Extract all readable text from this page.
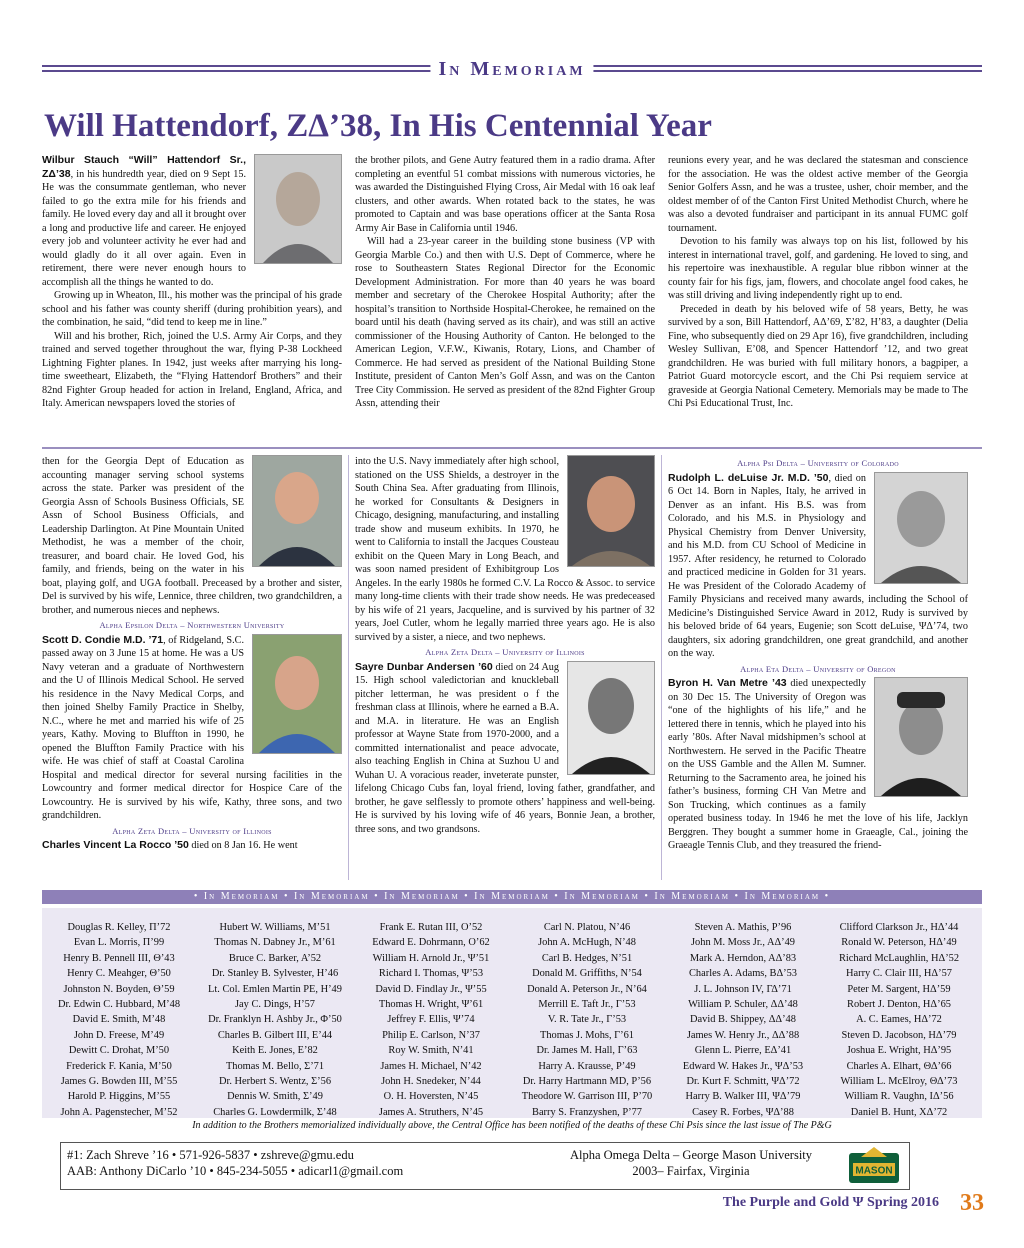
In Memoriam
Will Hattendorf, ZΔ’38, In His Centennial Year

Wilbur Stauch “Will” Hattendorf Sr., ZΔ’38, in his hundredth year, died on 9 Sept 15. He was the consummate gentleman, who never failed to go the extra mile for his friends and family. He loved every day and all it brought over a long and productive life and career. He enjoyed every job and volunteer activity he ever had and would gladly do it all over again. Even in retirement, there were never enough hours to accomplish all the things he wanted to do.

Growing up in Wheaton, Ill., his mother was the principal of his grade school and his father was county sheriff (during prohibition years), and the combination, he said, “did tend to keep me in line.”

Will and his brother, Rich, joined the U.S. Army Air Corps, and they trained and served together throughout the war, flying P-38 Lockheed Lightning Fighter planes. In 1942, just weeks after marrying his long-time sweetheart, Elizabeth, the “Flying Hattendorf Brothers” and their 82nd Fighter Group headed for action in Ireland, England, Africa, and Italy. American newspapers loved the stories of

the brother pilots, and Gene Autry featured them in a radio drama. After completing an eventful 51 combat missions with numerous victories, he was awarded the Distinguished Flying Cross, Air Medal with 16 oak leaf clusters, and other awards. When rotated back to the states, he was promoted to Captain and was base operations officer at the Santa Rosa Army Air Base in California until 1946.

Will had a 23-year career in the building stone business (VP with Georgia Marble Co.) and then with U.S. Dept of Commerce, where he rose to Southeastern States Regional Director for the Economic Development Administration. For more than 40 years he was board member and secretary of the Cherokee Hospital Authority; after the hospital’s transition to Northside Hospital-Cherokee, he remained on the board until his death (having served as its chair), and was still an active commissioner of the Housing Authority of Canton. He belonged to the American Legion, V.F.W., Kiwanis, Rotary, Lions, and Chamber of Commerce. He had served as president of the National Building Stone Institute, president of Canton Men’s Golf Assn, and was on the Canton Tree City Commission. He served as president of the 82nd Fighter Group Assn, attending their

reunions every year, and he was declared the statesman and conscience for the association. He was the oldest active member of the Georgia Senior Golfers Assn, and he was a trustee, usher, choir member, and the oldest member of of the Canton First United Methodist Church, where he was also a devoted fundraiser and participant in its annual FUMC golf tournament.

Devotion to his family was always top on his list, followed by his interest in international travel, golf, and gardening. He loved to sing, and his repertoire was inexhaustible. A regular blue ribbon winner at the county fair for his figs, jam, flowers, and chocolate angel food cakes, he was still driving and living independently right up to end.

Preceded in death by his beloved wife of 58 years, Betty, he was survived by a son, Bill Hattendorf, AΔ’69, Σ’82, H’83, a daughter (Delia Fine, who subsequently died on 29 Apr 16), five grandchildren, including Wesley Sullivan, E’08, and Spencer Hattendorf ’12, and two great grandchildren. He was buried with full military honors, a bagpiper, a Patriot Guard motorcycle escort, and the Chi Psi requiem service at graveside at Georgia National Cemetery. Memorials may be made to The Chi Psi Educational Trust, Inc.

then for the Georgia Dept of Education as accounting manager serving school systems across the state. Parker was president of the Georgia Assn of Schools Business Officials, SE Assn of School Business Officials, and Leadership Darlington. At Pine Mountain United Methodist, he was a member of the choir, treasurer, and board chair. He loved God, his family, and friends, being on the water in his boat, playing golf, and UGA football. Preceased by a brother and sister, Del is survived by his wife, Lennice, three children, two grandchildren, a brother, and numerous nieces and nephews.

Alpha Epsilon Delta – Northwestern University

Scott D. Condie M.D. ’71, of Ridgeland, S.C. passed away on 3 June 15 at home. He was a US Navy veteran and a graduate of Northwestern and the U of Illinois Medical School. He served his residence in the Navy Medical Corps, and then joined Shelby Family Practice in Shelby, N.C., where he met and married his wife of 25 years, Kathy. Moving to Bluffton in 1990, he opened the Bluffton Family Practice with his wife. He was chief of staff at Coastal Carolina Hospital and medical director for several nursing facilities in the Lowcountry and former medical director for Hospice Care of the Lowcountry. He is survived by his wife, Kathy, three sons, and two grandchildren.

Alpha Zeta Delta – University of Illinois

Charles Vincent La Rocco ’50 died on 8 Jan 16. He went

into the U.S. Navy immediately after high school, stationed on the USS Shields, a destroyer in the South China Sea. After graduating from Illinois, he worked for Consultants & Designers in Chicago, designing, manufacturing, and installing trade show and museum exhibits. In 1970, he went to California to install the Jacques Cousteau exhibit on the Queen Mary in Long Beach, and was soon named president of Exhibitgroup Los Angeles. In the early 1980s he formed C.V. La Rocco & Assoc. to service many long-time clients with their trade show needs. He was predeceased by his wife of 21 years, Jacqueline, and is survived by his partner of 32 years, Joel Cutler, whom he legally married three years ago. He is also survived by a sister, a niece, and two nephews.

Alpha Zeta Delta – University of Illinois

Sayre Dunbar Andersen ’60 died on 24 Aug 15. High school valedictorian and knuckleball pitcher letterman, he was president o f the freshman class at Illinois, where he earned a B.A. and M.A. in literature. He was an English professor at Wayne State from 1970-2000, and a committed internationalist and peace advocate, also teaching English in China at Suzhou U and Wuhan U. A voracious reader, inveterate punster, lifelong Chicago Cubs fan, loyal friend, loving father, grandfather, and brother, he gave selflessly to promote others’ happiness and well-being. He is survived by his loving wife of 46 years, Bonnie Jean, a brother, three sons, and two grandsons.

Alpha Psi Delta – University of Colorado

Rudolph L. deLuise Jr. M.D. ’50, died on 6 Oct 14. Born in Naples, Italy, he arrived in Denver as an infant. His B.S. was from Colorado, and his M.S. in Physiology and Physical Chemistry from Denver University, and his M.D. from CU School of Medicine in 1957. After residency, he returned to Colorado and practiced medicine in Golden for 31 years. He was President of the Colorado Academy of Family Physicians and received many awards, including the School of Medicine’s Distinguished Service Award in 2012, Rudy is survived by his beloved bride of 64 years, Eugenie; son Scott deLuise, ΨΔ’74, two daughters, six adoring grandchildren, one great grandchild, and another on the way.

Alpha Eta Delta – University of Oregon

Byron H. Van Metre ’43 died unexpectedly on 30 Dec 15. The University of Oregon was “one of the highlights of his life,” and he lettered there in tennis, which he played into his early ’80s. After Naval midshipmen’s school at Northwestern. He served in the Pacific Theatre on the USS Gamble and the Allen M. Sumner. Returning to the Sacramento area, he joined his father’s business, forming CH Van Metre and Son Trucking, which continues as a family operated business today. In 1946 he met the love of his life, Jacklyn Berggren. They bought a summer home in Graeagle, Cal., joining the Graeagle Tennis Club, and they treasured the friend-

• In Memoriam • In Memoriam • In Memoriam • In Memoriam • In Memoriam • In Memoriam • In Memoriam •
Douglas R. Kelley, Π’72
Evan L. Morris, Π’99
Henry B. Pennell III, Θ’43
Henry C. Meahger, Θ’50
Johnston N. Boyden, Θ’59
Dr. Edwin C. Hubbard, M’48
David E. Smith, M’48
John D. Freese, M’49
Dewitt C. Drohat, M’50
Frederick F. Kania, M’50
James G. Bowden III, M’55
Harold P. Higgins, M’55
John A. Pagenstecher, M’52
Hubert W. Williams, M’51
Thomas N. Dabney Jr., M’61
Bruce C. Barker, A’52
Dr. Stanley B. Sylvester, H’46
Lt. Col. Emlen Martin PE, H’49
Jay C. Dings, H’57
Dr. Franklyn H. Ashby Jr., Φ’50
Charles B. Gilbert III, E’44
Keith E. Jones, E’82
Thomas M. Bello, Σ’71
Dr. Herbert S. Wentz, Σ’56
Dennis W. Smith, Σ’49
Charles G. Lowdermilk, Σ’48
Frank E. Rutan III, O’52
Edward E. Dohrmann, O’62
William H. Arnold Jr., Ψ’51
Richard I. Thomas, Ψ’53
David D. Findlay Jr., Ψ’55
Thomas H. Wright, Ψ’61
Jeffrey F. Ellis, Ψ’74
Philip E. Carlson, N’37
Roy W. Smith, N’41
James H. Michael, N’42
John H. Snedeker, N’44
O. H. Hoversten, N’45
James A. Struthers, N’45
Carl N. Platou, N’46
John A. McHugh, N’48
Carl B. Hedges, N’51
Donald M. Griffiths, N’54
Donald A. Peterson Jr., N’64
Merrill E. Taft Jr., Γ’53
V. R. Tate Jr., Γ’53
Thomas J. Mohs, Γ’61
Dr. James M. Hall, Γ’63
Harry A. Krausse, P’49
Dr. Harry Hartmann MD, P’56
Theodore W. Garrison III, P’70
Barry S. Franzyshen, P’77
Steven A. Mathis, P’96
John M. Moss Jr., AΔ’49
Mark A. Herndon, AΔ’83
Charles A. Adams, BΔ’53
J. L. Johnson IV, ΓΔ’71
William P. Schuler, ΔΔ’48
David B. Shippey, ΔΔ’48
James W. Henry Jr., ΔΔ’88
Glenn L. Pierre, EΔ’41
Edward W. Hakes Jr., ΨΔ’53
Dr. Kurt F. Schmitt, ΨΔ’72
Harry B. Walker III, ΨΔ’79
Casey R. Forbes, ΨΔ’88
Clifford Clarkson Jr., HΔ’44
Ronald W. Peterson, HΔ’49
Richard McLaughlin, HΔ’52
Harry C. Clair III, HΔ’57
Peter M. Sargent, HΔ’59
Robert J. Denton, HΔ’65
A. C. Eames, HΔ’72
Steven D. Jacobson, HΔ’79
Joshua E. Wright, HΔ’95
Charles A. Elhart, ΘΔ’66
William L. McElroy, ΘΔ’73
William R. Vaughn, IΔ’56
Daniel B. Hunt, XΔ’72
In addition to the Brothers memorialized individually above, the Central Office has been notified of the deaths of these Chi Psis since the last issue of The P&G
#1: Zach Shreve ’16 • 571-926-5837 • zshreve@gmu.edu
AAB: Anthony DiCarlo ’10 • 845-234-5055 • adicarl1@gmail.com
Alpha Omega Delta – George Mason University
2003– Fairfax, Virginia	MASON
The Purple and Gold Ψ Spring 2016 33
